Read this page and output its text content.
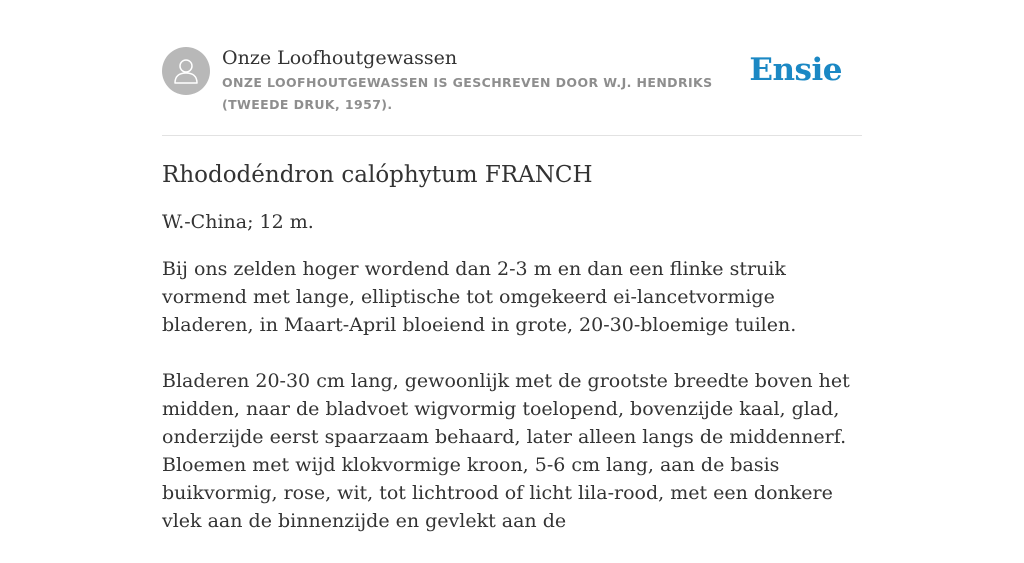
Onze Loofhoutgewassen
ONZE LOOFHOUTGEWASSEN IS GESCHREVEN DOOR W.J. HENDRIKS (TWEEDE DRUK, 1957).
Ensie
Rhododéndron calóphytum FRANCH

W.-China; 12 m.

Bij ons zelden hoger wordend dan 2-3 m en dan een flinke struik vormend met lange, elliptische tot omgekeerd ei-lancetvormige bladeren, in Maart-April bloeiend in grote, 20-30-bloemige tuilen.

Bladeren 20-30 cm lang, gewoonlijk met de grootste breedte boven het midden, naar de bladvoet wigvormig toelopend, bovenzijde kaal, glad, onderzijde eerst spaarzaam behaard, later alleen langs de middennerf. Bloemen met wijd klokvormige kroon, 5-6 cm lang, aan de basis buikvormig, rose, wit, tot lichtrood of licht lila-rood, met een donkere vlek aan de binnenzijde en gevlekt aan de
